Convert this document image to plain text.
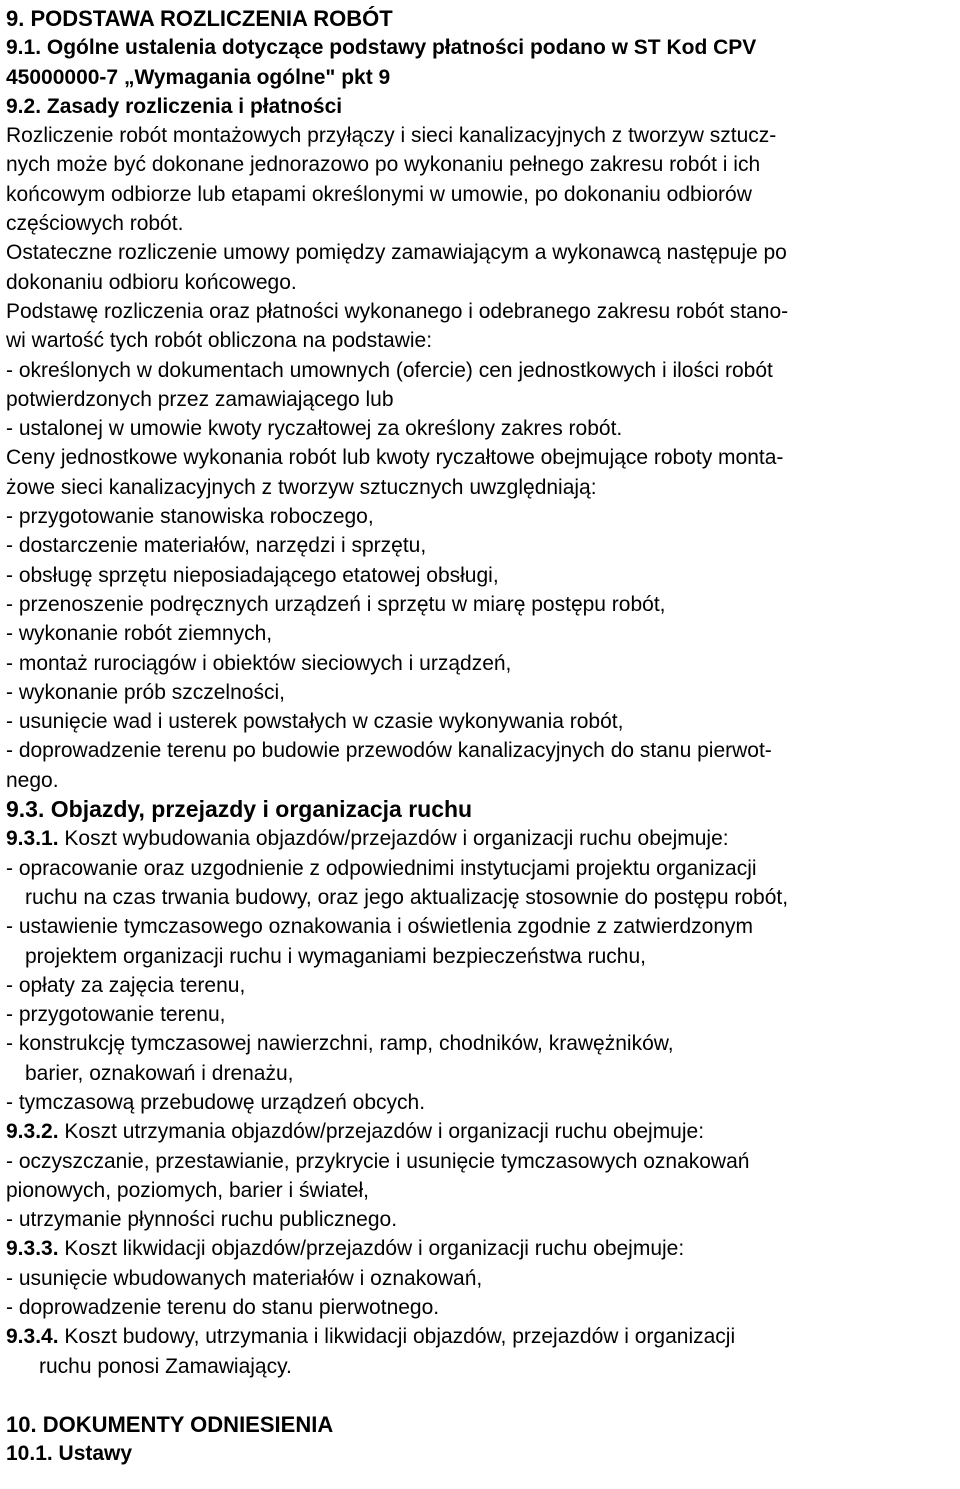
9. PODSTAWA ROZLICZENIA ROBÓT
9.1. Ogólne ustalenia dotyczące podstawy płatności podano w ST Kod CPV
45000000-7 „Wymagania ogólne" pkt 9
9.2. Zasady rozliczenia i płatności
Rozliczenie robót montażowych przyłączy i sieci kanalizacyjnych z tworzyw sztucz-
nych może być dokonane jednorazowo po wykonaniu pełnego zakresu robót i ich
końcowym odbiorze lub etapami określonymi w umowie, po dokonaniu odbiorów
częściowych robót.
Ostateczne rozliczenie umowy pomiędzy zamawiającym a wykonawcą następuje po
dokonaniu odbioru końcowego.
Podstawę rozliczenia oraz płatności wykonanego i odebranego zakresu robót stano-
wi wartość tych robót obliczona na podstawie:
- określonych w dokumentach umownych (ofercie) cen jednostkowych i ilości robót
potwierdzonych przez zamawiającego lub
- ustalonej w umowie kwoty ryczałtowej za określony zakres robót.
Ceny jednostkowe wykonania robót lub kwoty ryczałtowe obejmujące roboty monta-
żowe sieci kanalizacyjnych z tworzyw sztucznych uwzględniają:
- przygotowanie stanowiska roboczego,
- dostarczenie materiałów, narzędzi i sprzętu,
- obsługę sprzętu nieposiadającego etatowej obsługi,
- przenoszenie podręcznych urządzeń i sprzętu w miarę postępu robót,
- wykonanie robót ziemnych,
- montaż rurociągów i obiektów sieciowych i urządzeń,
- wykonanie prób szczelności,
- usunięcie wad i usterek powstałych w czasie wykonywania robót,
- doprowadzenie terenu po budowie przewodów kanalizacyjnych do stanu pierwot-
nego.
9.3. Objazdy, przejazdy i organizacja ruchu
9.3.1. Koszt wybudowania objazdów/przejazdów i organizacji ruchu obejmuje:
- opracowanie oraz uzgodnienie z odpowiednimi instytucjami projektu organizacji
ruchu na czas trwania budowy, oraz jego aktualizację stosownie do postępu robót,
- ustawienie tymczasowego oznakowania i oświetlenia zgodnie z zatwierdzonym
projektem organizacji ruchu i wymaganiami bezpieczeństwa ruchu,
- opłaty za zajęcia terenu,
- przygotowanie terenu,
- konstrukcję tymczasowej nawierzchni, ramp, chodników, krawężników,
barier, oznakowań i drenażu,
- tymczasową przebudowę urządzeń obcych.
9.3.2. Koszt utrzymania objazdów/przejazdów i organizacji ruchu obejmuje:
- oczyszczanie, przestawianie, przykrycie i usunięcie tymczasowych oznakowań
pionowych, poziomych, barier i świateł,
- utrzymanie płynności ruchu publicznego.
9.3.3. Koszt likwidacji objazdów/przejazdów i organizacji ruchu obejmuje:
- usunięcie wbudowanych materiałów i oznakowań,
- doprowadzenie terenu do stanu pierwotnego.
9.3.4. Koszt budowy, utrzymania i likwidacji objazdów, przejazdów i organizacji
ruchu ponosi Zamawiający.
10. DOKUMENTY ODNIESIENIA
10.1. Ustawy
